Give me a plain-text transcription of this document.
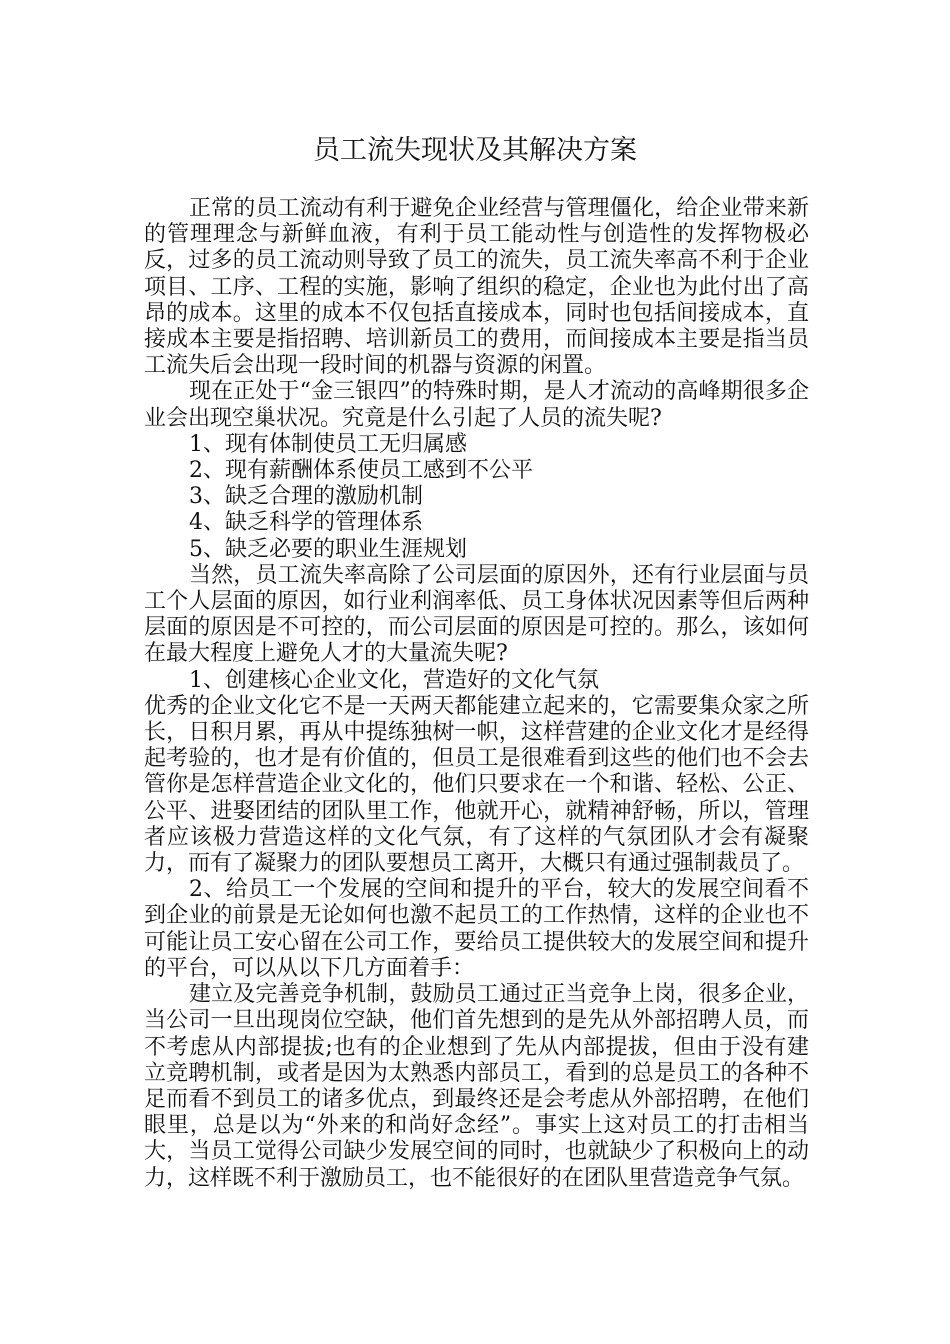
员工流失现状及其解决方案

正常的员工流动有利于避免企业经营与管理僵化，给企业带来新的管理理念与新鲜血液，有利于员工能动性与创造性的发挥物极必反，过多的员工流动则导致了员工的流失，员工流失率高不利于企业项目、工序、工程的实施，影响了组织的稳定，企业也为此付出了高昂的成本。这里的成本不仅包括直接成本，同时也包括间接成本，直接成本主要是指招聘、培训新员工的费用，而间接成本主要是指当员工流失后会出现一段时间的机器与资源的闲置。

现在正处于“金三银四”的特殊时期，是人才流动的高峰期很多企业会出现空巢状况。究竟是什么引起了人员的流失呢?

1、现有体制使员工无归属感

2、现有薪酬体系使员工感到不公平

3、缺乏合理的激励机制

4、缺乏科学的管理体系

5、缺乏必要的职业生涯规划

当然，员工流失率高除了公司层面的原因外，还有行业层面与员工个人层面的原因，如行业利润率低、员工身体状况因素等但后两种层面的原因是不可控的，而公司层面的原因是可控的。那么，该如何在最大程度上避免人才的大量流失呢?

1、创建核心企业文化，营造好的文化气氛

优秀的企业文化它不是一天两天都能建立起来的，它需要集众家之所长，日积月累，再从中提练独树一帜，这样营建的企业文化才是经得起考验的，也才是有价值的，但员工是很难看到这些的他们也不会去管你是怎样营造企业文化的，他们只要求在一个和谐、轻松、公正、公平、进娶团结的团队里工作，他就开心，就精神舒畅，所以，管理者应该极力营造这样的文化气氛，有了这样的气氛团队才会有凝聚力，而有了凝聚力的团队要想员工离开，大概只有通过强制裁员了。

2、给员工一个发展的空间和提升的平台，较大的发展空间看不到企业的前景是无论如何也激不起员工的工作热情，这样的企业也不可能让员工安心留在公司工作，要给员工提供较大的发展空间和提升的平台，可以从以下几方面着手：

建立及完善竞争机制，鼓励员工通过正当竞争上岗，很多企业，当公司一旦出现岗位空缺，他们首先想到的是先从外部招聘人员，而不考虑从内部提拔;也有的企业想到了先从内部提拔，但由于没有建立竞聘机制，或者是因为太熟悉内部员工，看到的总是员工的各种不足而看不到员工的诸多优点，到最终还是会考虑从外部招聘，在他们眼里，总是以为“外来的和尚好念经”。事实上这对员工的打击相当大，当员工觉得公司缺少发展空间的同时，也就缺少了积极向上的动力，这样既不利于激励员工，也不能很好的在团队里营造竞争气氛。
